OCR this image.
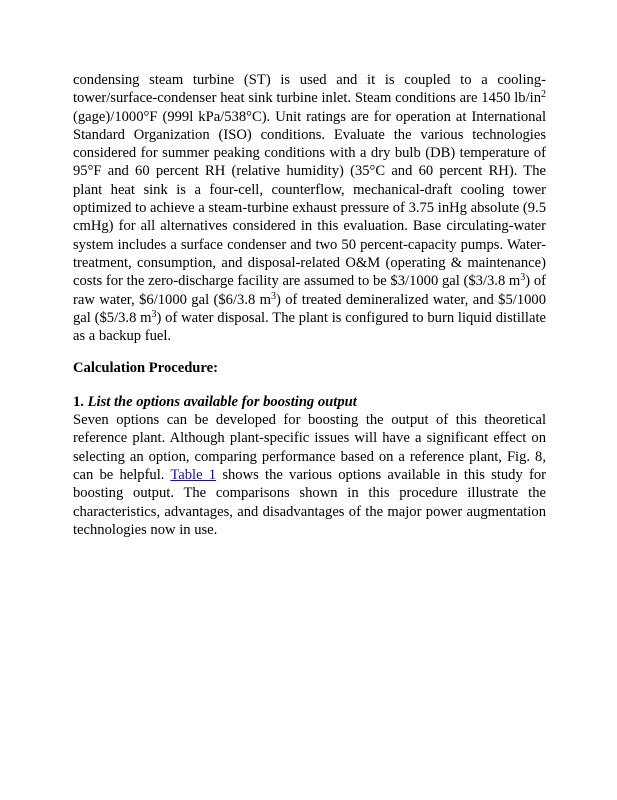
condensing steam turbine (ST) is used and it is coupled to a cooling-tower/surface-condenser heat sink turbine inlet. Steam conditions are 1450 $lb/in^2$ (gage)/1000°F (999l kPa/538°C). Unit ratings are for operation at International Standard Organization (ISO) conditions. Evaluate the various technologies considered for summer peaking conditions with a dry bulb (DB) temperature of 95°F and 60 percent RH (relative humidity) (35°C and 60 percent RH). The plant heat sink is a four-cell, counterflow, mechanical-draft cooling tower optimized to achieve a steam-turbine exhaust pressure of 3.75 inHg absolute (9.5 cmHg) for all alternatives considered in this evaluation. Base circulating-water system includes a surface condenser and two 50 percent-capacity pumps. Water-treatment, consumption, and disposal-related O&M (operating & maintenance) costs for the zero-discharge facility are assumed to be $3/1000 gal ($3/3.8 $m^3$) of raw water, $6/1000 gal ($6/3.8 $m^3$) of treated demineralized water, and $5/1000 gal ($5/3.8 $m^3$) of water disposal. The plant is configured to burn liquid distillate as a backup fuel.

Calculation Procedure:

1. List the options available for boosting output

Seven options can be developed for boosting the output of this theoretical reference plant. Although plant-specific issues will have a significant effect on selecting an option, comparing performance based on a reference plant, Fig. 8, can be helpful. Table 1 shows the various options available in this study for boosting output. The comparisons shown in this procedure illustrate the characteristics, advantages, and disadvantages of the major power augmentation technologies now in use.
